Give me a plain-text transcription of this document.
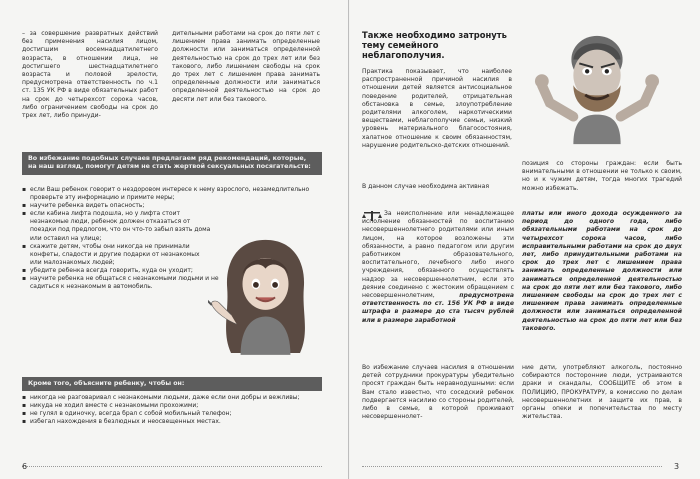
– за совершение развратных действий без применения насилия лицом, достигшим восемнадцатилетнего возраста, в отношении лица, не достигшего шестнадцатилетнего возраста и половой зрелости, предусмотрена ответственность по ч.1 ст. 135 УК РФ в виде обязательных работ на срок до четырехсот сорока часов, либо ограничением свободы на срок до трех лет, либо принуди-
дительными работами на срок до пяти лет с лишением права занимать определенные должности или заниматься определенной деятельностью на срок до трех лет или без такового, либо лишением свободы на срок до трех лет с лишением права занимать определенные должности или заниматься определенной деятельностью на срок до десяти лет или без такового.
Во избежание подобных случаев предлагаем ряд рекомендаций, которые, на наш взгляд, помогут детям не стать жертвой сексуальных посягательств:
▪ если Ваш ребенок говорит о нездоровом интересе к нему взрослого, незамедлительно проверьте эту информацию и примите меры;
▪ научите ребенка видеть опасность;
▪ если кабина лифта подошла, но у лифта стоит незнакомые люди, ребенок должен отказаться от поездки под предлогом, что он что-то забыл взять дома или оставил на улице;
▪ скажите детям, чтобы они никогда не принимали конфеты, сладости и другие подарки от незнакомых или малознакомых людей;
▪ убедите ребенка всегда говорить, куда он уходит;
▪ научите ребенка не общаться с незнакомыми людьми и не садиться к незнакомым в автомобиль.
Кроме того, объясните ребенку, чтобы он:
▪ никогда не разговаривал с незнакомыми людьми, даже если они добры и вежливы;
▪ никуда не ходил вместе с незнакомыми прохожими;
▪ не гулял в одиночку, всегда брал с собой мобильный телефон;
▪ избегал нахождения в безлюдных и неосвещенных местах.
6
Также необходимо затронуть тему семейного неблагополучия.
Практика показывает, что наиболее распространенной причиной насилия в отношении детей является антисоциальное поведение родителей, отрицательная обстановка в семье, злоупотребление родителями алкоголем, наркотическими веществами, неблагополучие семьи, низкий уровень материального благосостояния, халатное отношение к своим обязанностям, нарушение родительско-детских отношений.
В данном случае необходима активная
позиция со стороны граждан: если быть внимательными в отношении не только к своим, но и к чужим детям, тогда многих трагедий можно избежать.
За неисполнение или ненадлежащее исполнение обязанностей по воспитанию несовершеннолетнего родителями или иным лицом, на которое возложены эти обязанности, а равно педагогом или другим работником образовательного, воспитательного, лечебного либо иного учреждения, обязанного осуществлять надзор за несовершеннолетним, если это деяние соединено с жестоким обращением с несовершеннолетним,	предусмотрена ответственность по ст. 156 УК РФ в виде штрафа в размере до ста тысяч рублей или в размере заработной
платы или иного дохода осужденного за период до одного года, либо обязательными работами на срок до четырехсот сорока часов, либо исправительными работами на срок до двух лет, либо принудительными работами на срок до трех лет с лишением права занимать определенные должности или заниматься определенной деятельностью на срок до пяти лет или без такового, либо лишением свободы на срок до трех лет с лишением права занимать определенные должности или заниматься определенной деятельностью на срок до пяти лет или без такового.
Во избежание случаев насилия в отношении детей сотрудники прокуратуры убедительно просят граждан быть неравнодушными: если Вам стало известно, что соседский ребенок подвергается насилию со стороны родителей, либо в семье, в которой проживают несовершеннолет-
ние дети, употребляют алкоголь, постоянно собираются посторонние люди, устраиваются драки и скандалы, СООБЩИТЕ об этом в ПОЛИЦИЮ, ПРОКУРАТУРУ, в комиссию по делам несовершеннолетних и защите их прав, в органы опеки и попечительства по месту жительства.
3
